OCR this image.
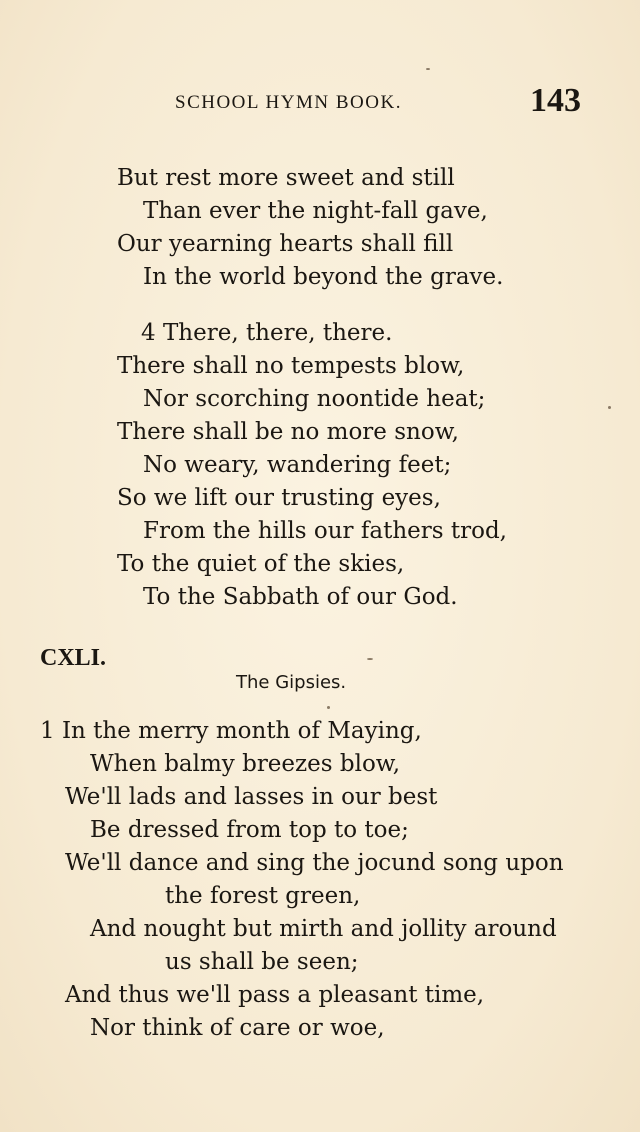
SCHOOL HYMN BOOK.	143
But rest more sweet and still
Than ever the night-fall gave,
Our yearning hearts shall fill
In the world beyond the grave.
4 There, there, there.
There shall no tempests blow,
Nor scorching noontide heat;
There shall be no more snow,
No weary, wandering feet;
So we lift our trusting eyes,
From the hills our fathers trod,
To the quiet of the skies,
To the Sabbath of our God.
CXLI.
The Gipsies.
1 In the merry month of Maying,
When balmy breezes blow,
We'll lads and lasses in our best
Be dressed from top to toe;
We'll dance and sing the jocund song upon
the forest green,
And nought but mirth and jollity around
us shall be seen;
And thus we'll pass a pleasant time,
Nor think of care or woe,
